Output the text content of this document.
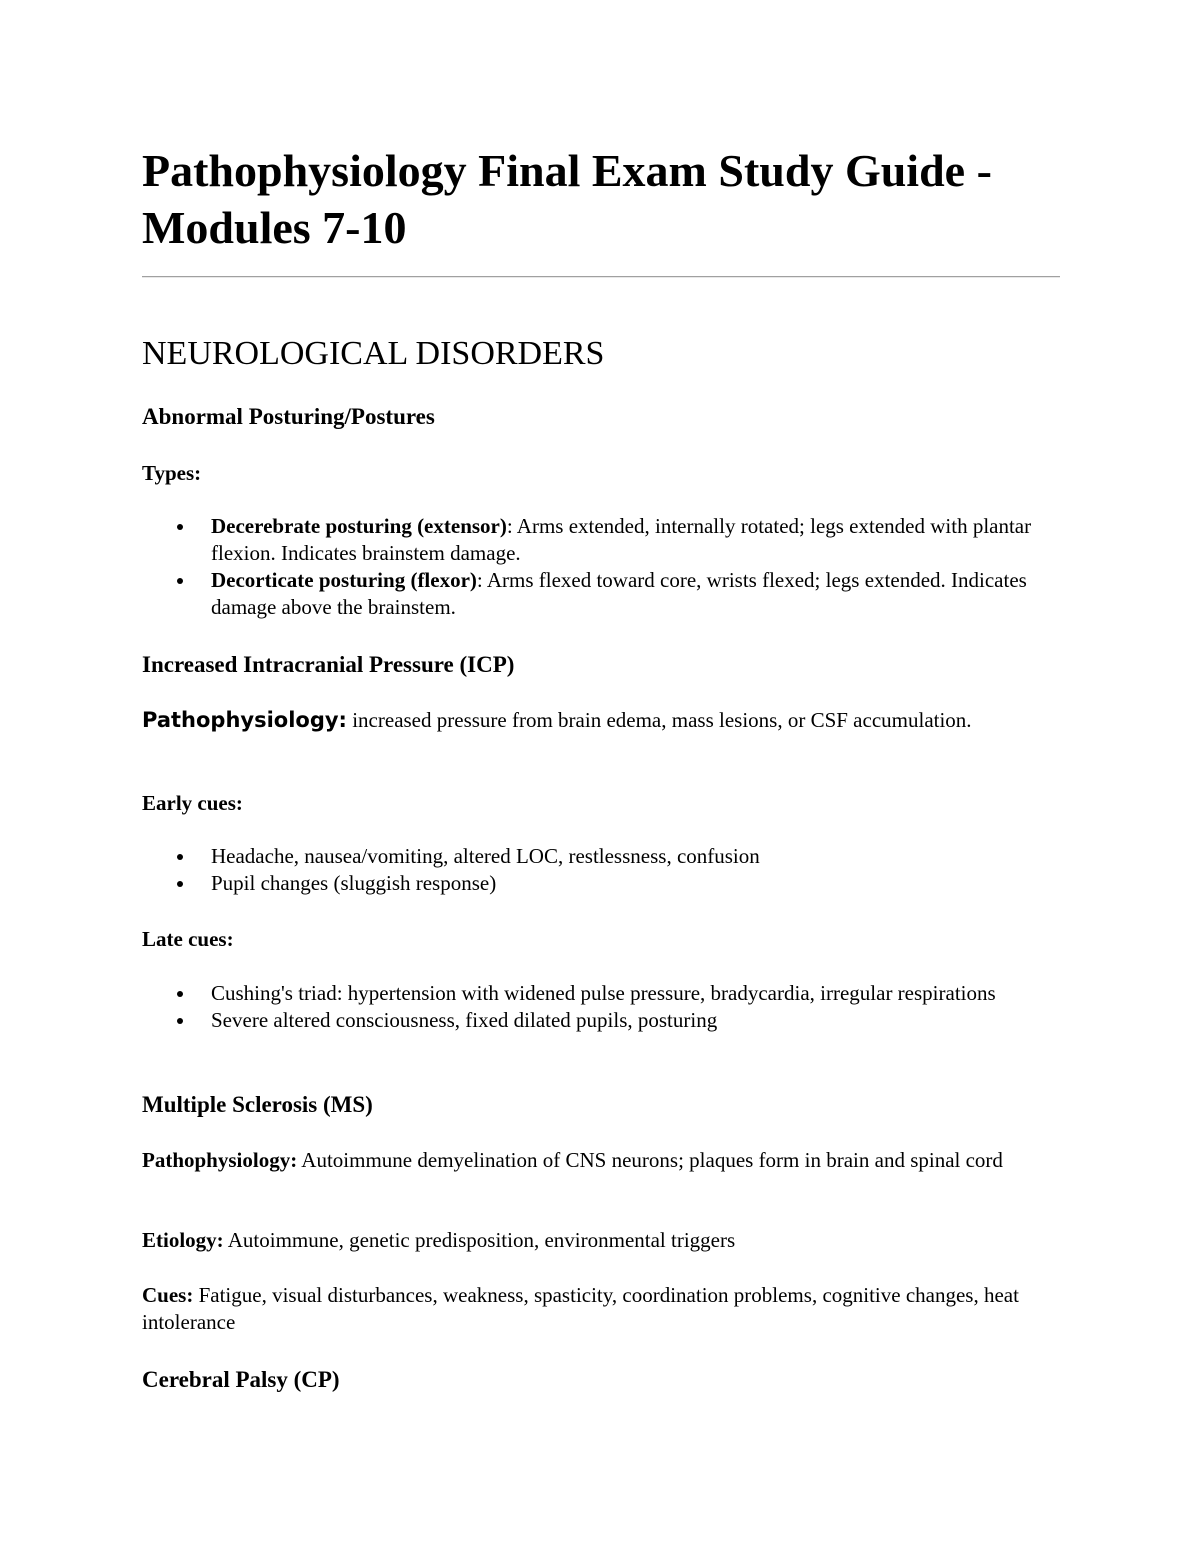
Pathophysiology Final Exam Study Guide -
Modules 7-10
NEUROLOGICAL DISORDERS
Abnormal Posturing/Postures

Types:

Decerebrate posturing (extensor): Arms extended, internally rotated; legs extended with plantar flexion. Indicates brainstem damage.
Decorticate posturing (flexor): Arms flexed toward core, wrists flexed; legs extended. Indicates damage above the brainstem.
Increased Intracranial Pressure (ICP)

Pathophysiology: increased pressure from brain edema, mass lesions, or CSF accumulation.

Early cues:

Headache, nausea/vomiting, altered LOC, restlessness, confusion
Pupil changes (sluggish response)

Late cues:

Cushing's triad: hypertension with widened pulse pressure, bradycardia, irregular respirations
Severe altered consciousness, fixed dilated pupils, posturing
Multiple Sclerosis (MS)

Pathophysiology: Autoimmune demyelination of CNS neurons; plaques form in brain and spinal cord

Etiology: Autoimmune, genetic predisposition, environmental triggers

Cues: Fatigue, visual disturbances, weakness, spasticity, coordination problems, cognitive changes, heat intolerance

Cerebral Palsy (CP)
